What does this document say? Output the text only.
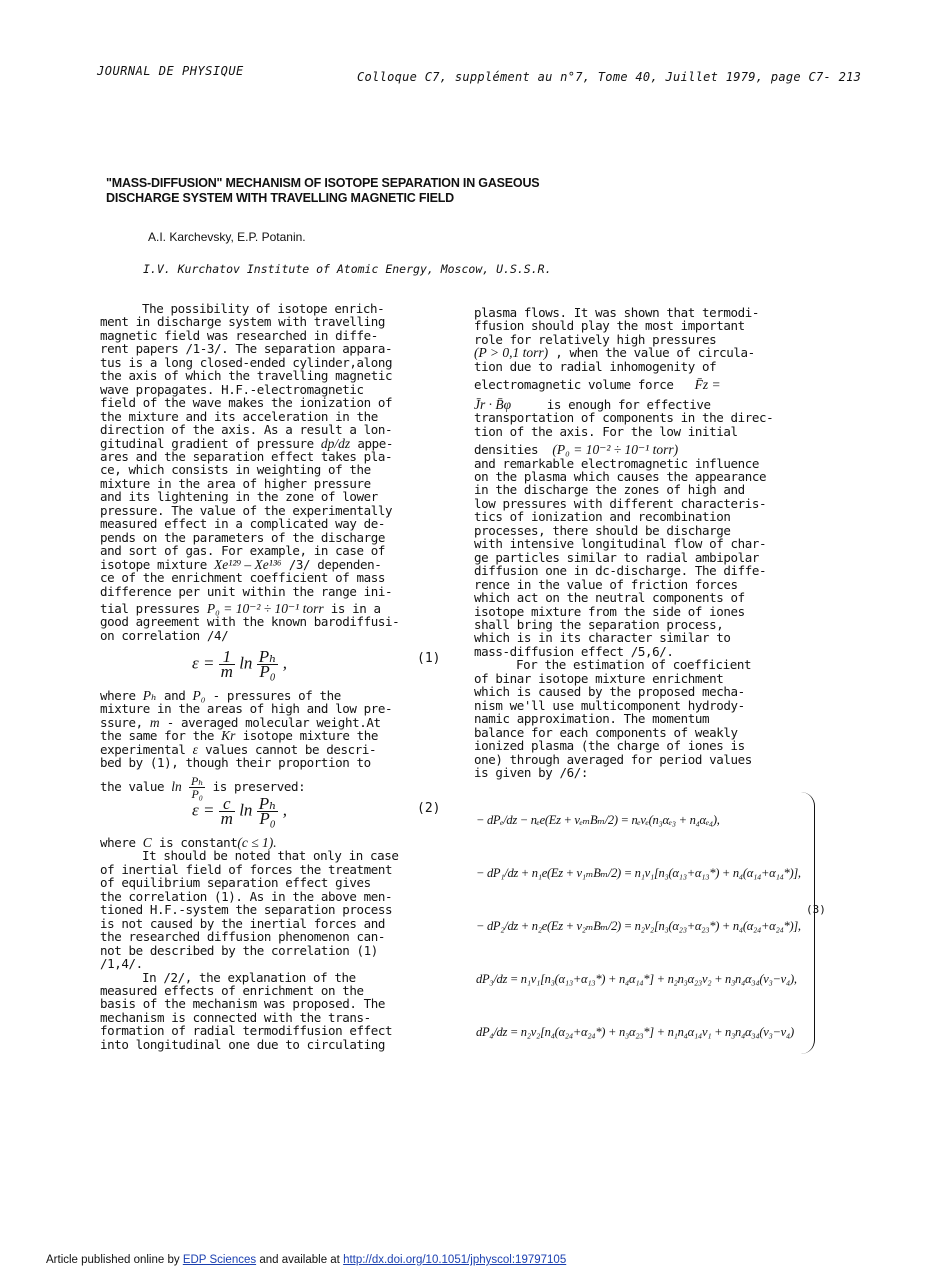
JOURNAL DE PHYSIQUE	Colloque C7, supplément au n°7, Tome 40, Juillet 1979, page C7- 213
"MASS-DIFFUSION" MECHANISM OF ISOTOPE SEPARATION IN GASEOUS
DISCHARGE SYSTEM WITH TRAVELLING MAGNETIC FIELD
A.I. Karchevsky, E.P. Potanin.
I.V. Kurchatov Institute of Atomic Energy, Moscow, U.S.S.R.
The possibility of isotope enrich-
ment in discharge system with travelling
magnetic field was researched in diffe-
rent papers /1-3/. The separation appara-
tus is a long closed-ended cylinder,along
the axis of which the travelling magnetic
wave propagates. H.F.-electromagnetic
field of the wave makes the ionization of
the mixture and its acceleration in the
direction of the axis. As a result a lon-
gitudinal gradient of pressure dp/dz appe-
ares and the separation effect takes pla-
ce, which consists in weighting of the
mixture in the area of higher pressure
and its lightening in the zone of lower
pressure. The value of the experimentally
measured effect in a complicated way de-
pends on the parameters of the discharge
and sort of gas. For example, in case of
isotope mixture Xe¹²⁹ – Xe¹³⁶ /3/ dependen-
ce of the enrichment coefficient of mass
difference per unit within the range ini-
tial pressures P₀ = 10⁻² ÷ 10⁻¹ torr is in a
good agreement with the known barodiffusi-
on correlation /4/
$\varepsilon = \frac{1}{m}$ $\ln \frac{\text{Pₕ}}{\text{P₀}}$ ,	(1)
where Pₕ and P₀ - pressures of the
mixture in the areas of high and low pre-
ssure, m - averaged molecular weight.At
the same for the Kr isotope mixture the
experimental ε values cannot be descri-
bed by (1), though their proportion to
the value $\ln \frac{\text{Pₕ}}{\text{P₀}}$ is preserved:
$\varepsilon = \frac{c}{m}$ $\ln \frac{\text{Pₕ}}{\text{P₀}}$ ,	(2)
where C is constant(c ≤ 1).
It should be noted that only in case
of inertial field of forces the treatment
of equilibrium separation effect gives
the correlation (1). As in the above men-
tioned H.F.-system the separation process
is not caused by the inertial forces and
the researched diffusion phenomenon can-
not be described by the correlation (1)
/1,4/.
In /2/, the explanation of the
measured effects of enrichment on the
basis of the mechanism was proposed. The
mechanism is connected with the trans-
formation of radial termodiffusion effect
into longitudinal one due to circulating
plasma flows. It was shown that termodi-
ffusion should play the most important
role for relatively high pressures
(P > 0,1 torr) , when the value of circula-
tion due to radial inhomogenity of
electromagnetic volume force F̄z =
J̄r · B̄φ	is enough for effective
transportation of components in the direc-
tion of the axis. For the low initial
densities (P₀ = 10⁻² ÷ 10⁻¹ torr)
and remarkable electromagnetic influence
on the plasma which causes the appearance
in the discharge the zones of high and
low pressures with different characteris-
tics of ionization and recombination
processes, there should be discharge
with intensive longitudinal flow of char-
ge particles similar to radial ambipolar
diffusion one in dc-discharge. The diffe-
rence in the value of friction forces
which act on the neutral components of
isotope mixture from the side of iones
shall bring the separation process,
which is in its character similar to
mass-diffusion effect /5,6/.
For the estimation of coefficient
of binar isotope mixture enrichment
which is caused by the proposed mecha-
nism we'll use multicomponent hydrody-
namic approximation. The momentum
balance for each components of weakly
ionized plasma (the charge of iones is
one) through averaged for period values
is given by /6/:
− dPₑ/dz − nₑe(Ez + vₑₘBₘ/2) = nₑvₑ(n₃αₑ₃ + n₄αₑ₄),
− dP₁/dz + n₁e(Ez + v₁ₘBₘ/2) = n₁v₁[n₃(α₁₃+α₁₃*) + n₄(α₁₄+α₁₄*)],
− dP₂/dz + n₂e(Ez + v₂ₘBₘ/2) = n₂v₂[n₃(α₂₃+α₂₃*) + n₄(α₂₄+α₂₄*)],
dP₃/dz = n₁v₁[n₃(α₁₃+α₁₃*) + n₄α₁₄*] + n₂n₃α₂₃v₂ + n₃n₄α₃₄(v₃−v₄),
dP₄/dz = n₂v₂[n₄(α₂₄+α₂₄*) + n₃α₂₃*] + n₁n₄α₁₄v₁ + n₃n₄α₃₄(v₃−v₄)
(3)
Article published online by EDP Sciences and available at http://dx.doi.org/10.1051/jphyscol:19797105
